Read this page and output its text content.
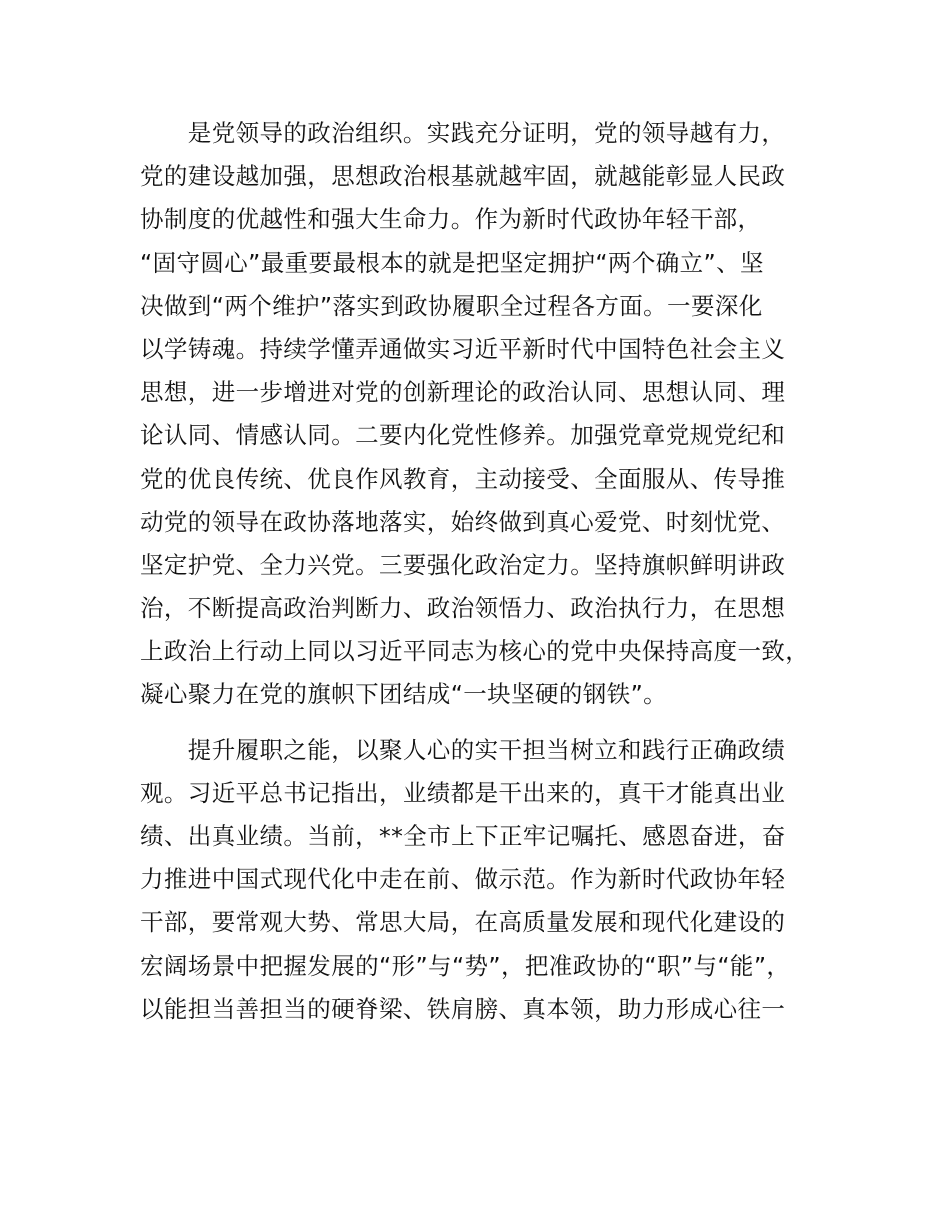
　　是党领导的政治组织。实践充分证明，党的领导越有力，
党的建设越加强，思想政治根基就越牢固，就越能彰显人民政
协制度的优越性和强大生命力。作为新时代政协年轻干部，
“固守圆心”最重要最根本的就是把坚定拥护“两个确立”、坚
决做到“两个维护”落实到政协履职全过程各方面。一要深化
以学铸魂。持续学懂弄通做实习近平新时代中国特色社会主义
思想，进一步增进对党的创新理论的政治认同、思想认同、理
论认同、情感认同。二要内化党性修养。加强党章党规党纪和
党的优良传统、优良作风教育，主动接受、全面服从、传导推
动党的领导在政协落地落实，始终做到真心爱党、时刻忧党、
坚定护党、全力兴党。三要强化政治定力。坚持旗帜鲜明讲政
治，不断提高政治判断力、政治领悟力、政治执行力，在思想
上政治上行动上同以习近平同志为核心的党中央保持高度一致，
凝心聚力在党的旗帜下团结成“一块坚硬的钢铁”。
　　提升履职之能，以聚人心的实干担当树立和践行正确政绩
观。习近平总书记指出，业绩都是干出来的，真干才能真出业
绩、出真业绩。当前，**全市上下正牢记嘱托、感恩奋进，奋
力推进中国式现代化中走在前、做示范。作为新时代政协年轻
干部，要常观大势、常思大局，在高质量发展和现代化建设的
宏阔场景中把握发展的“形”与“势”，把准政协的“职”与“能”，
以能担当善担当的硬脊梁、铁肩膀、真本领，助力形成心往一
